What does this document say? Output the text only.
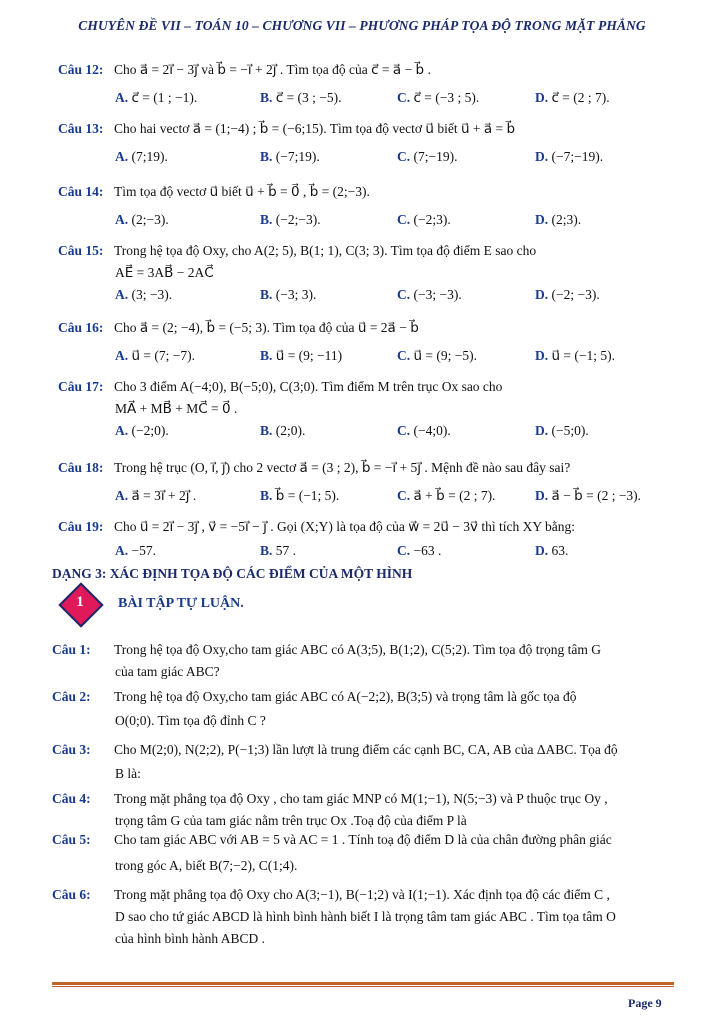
CHUYÊN ĐỀ VII – TOÁN 10 – CHƯƠNG VII – PHƯƠNG PHÁP TỌA ĐỘ TRONG MẶT PHẲNG
Câu 12: Cho a⃗ = 2i⃗ − 3j⃗ và b⃗ = −i⃗ + 2j⃗ . Tìm tọa độ của c⃗ = a⃗ − b⃗ .
A. c⃗ = (1 ; −1).	B. c⃗ = (3 ; −5).	C. c⃗ = (−3 ; 5).	D. c⃗ = (2 ; 7).
Câu 13: Cho hai vectơ a⃗ = (1;−4) ; b⃗ = (−6;15). Tìm tọa độ vectơ u⃗ biết u⃗ + a⃗ = b⃗
A. (7;19).	B. (−7;19).	C. (7;−19).	D. (−7;−19).
Câu 14: Tìm tọa độ vectơ u⃗ biết u⃗ + b⃗ = 0⃗ , b⃗ = (2;−3).
A. (2;−3).	B. (−2;−3).	C. (−2;3).	D. (2;3).
Câu 15: Trong hệ tọa độ Oxy, cho A(2; 5), B(1; 1), C(3; 3). Tìm tọa độ điểm E sao cho
AE⃗ = 3AB⃗ − 2AC⃗
A. (3; −3).	B. (−3; 3).	C. (−3; −3).	D. (−2; −3).
Câu 16: Cho a⃗ = (2; −4), b⃗ = (−5; 3). Tìm tọa độ của u⃗ = 2a⃗ − b⃗
A. u⃗ = (7; −7).	B. u⃗ = (9; −11)	C. u⃗ = (9; −5).	D. u⃗ = (−1; 5).
Câu 17: Cho 3 điểm A(−4;0), B(−5;0), C(3;0). Tìm điểm M trên trục Ox sao cho
MA⃗ + MB⃗ + MC⃗ = 0⃗ .
A. (−2;0).	B. (2;0).	C. (−4;0).	D. (−5;0).
Câu 18: Trong hệ trục (O, i⃗, j⃗) cho 2 vectơ a⃗ = (3 ; 2), b⃗ = −i⃗ + 5j⃗ . Mệnh đề nào sau đây sai?
A. a⃗ = 3i⃗ + 2j⃗ .	B. b⃗ = (−1; 5).	C. a⃗ + b⃗ = (2 ; 7).	D. a⃗ − b⃗ = (2 ; −3).
Câu 19: Cho u⃗ = 2i⃗ − 3j⃗ , v⃗ = −5i⃗ − j⃗ . Gọi (X;Y) là tọa độ của w⃗ = 2u⃗ − 3v⃗ thì tích XY bằng:
A. −57.	B. 57 .	C. −63 .	D. 63.
DẠNG 3: XÁC ĐỊNH TỌA ĐỘ CÁC ĐIỂM CỦA MỘT HÌNH
1	BÀI TẬP TỰ LUẬN.
Câu 1: Trong hệ tọa độ Oxy,cho tam giác ABC có A(3;5), B(1;2), C(5;2). Tìm tọa độ trọng tâm G
của tam giác ABC?
Câu 2: Trong hệ tọa độ Oxy,cho tam giác ABC có A(−2;2), B(3;5) và trọng tâm là gốc tọa độ
O(0;0). Tìm tọa độ đỉnh C ?
Câu 3: Cho M(2;0), N(2;2), P(−1;3) lần lượt là trung điểm các cạnh BC, CA, AB của ΔABC. Tọa độ
B là:
Câu 4: Trong mặt phẳng tọa độ Oxy , cho tam giác MNP có M(1;−1), N(5;−3) và P thuộc trục Oy ,
trọng tâm G của tam giác nằm trên trục Ox .Toạ độ của điểm P là
Câu 5: Cho tam giác ABC với AB = 5 và AC = 1 . Tính toạ độ điểm D là của chân đường phân giác
trong góc A, biết B(7;−2), C(1;4).
Câu 6: Trong mặt phẳng tọa độ Oxy cho A(3;−1), B(−1;2) và I(1;−1). Xác định tọa độ các điểm C ,
D sao cho tứ giác ABCD là hình bình hành biết I là trọng tâm tam giác ABC . Tìm tọa tâm O
của hình bình hành ABCD .
Page 9
